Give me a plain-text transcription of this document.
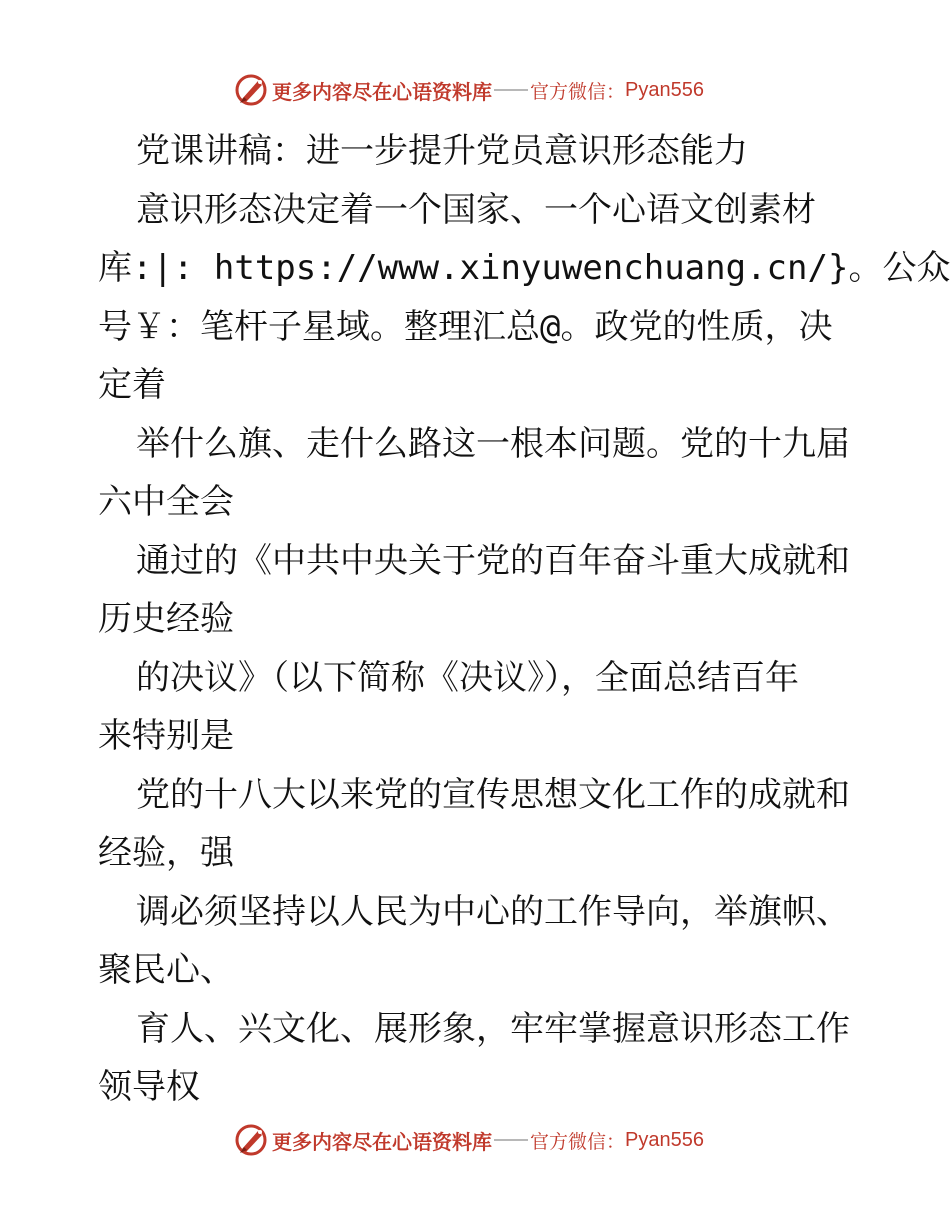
更多内容尽在心语资料库 官方微信： Pyan556
党课讲稿：进一步提升党员意识形态能力
意识形态决定着一个国家、一个心语文创素材
库:|: https://www.xinyuwenchuang.cn/}。公众
号￥：笔杆子星域。整理汇总@。政党的性质，决
定着
举什么旗、走什么路这一根本问题。党的十九届
六中全会
通过的《中共中央关于党的百年奋斗重大成就和
历史经验
的决议》（以下简称《决议》），全面总结百年
来特别是
党的十八大以来党的宣传思想文化工作的成就和
经验，强
调必须坚持以人民为中心的工作导向，举旗帜、
聚民心、
育人、兴文化、展形象，牢牢掌握意识形态工作
领导权
更多内容尽在心语资料库 官方微信： Pyan556
